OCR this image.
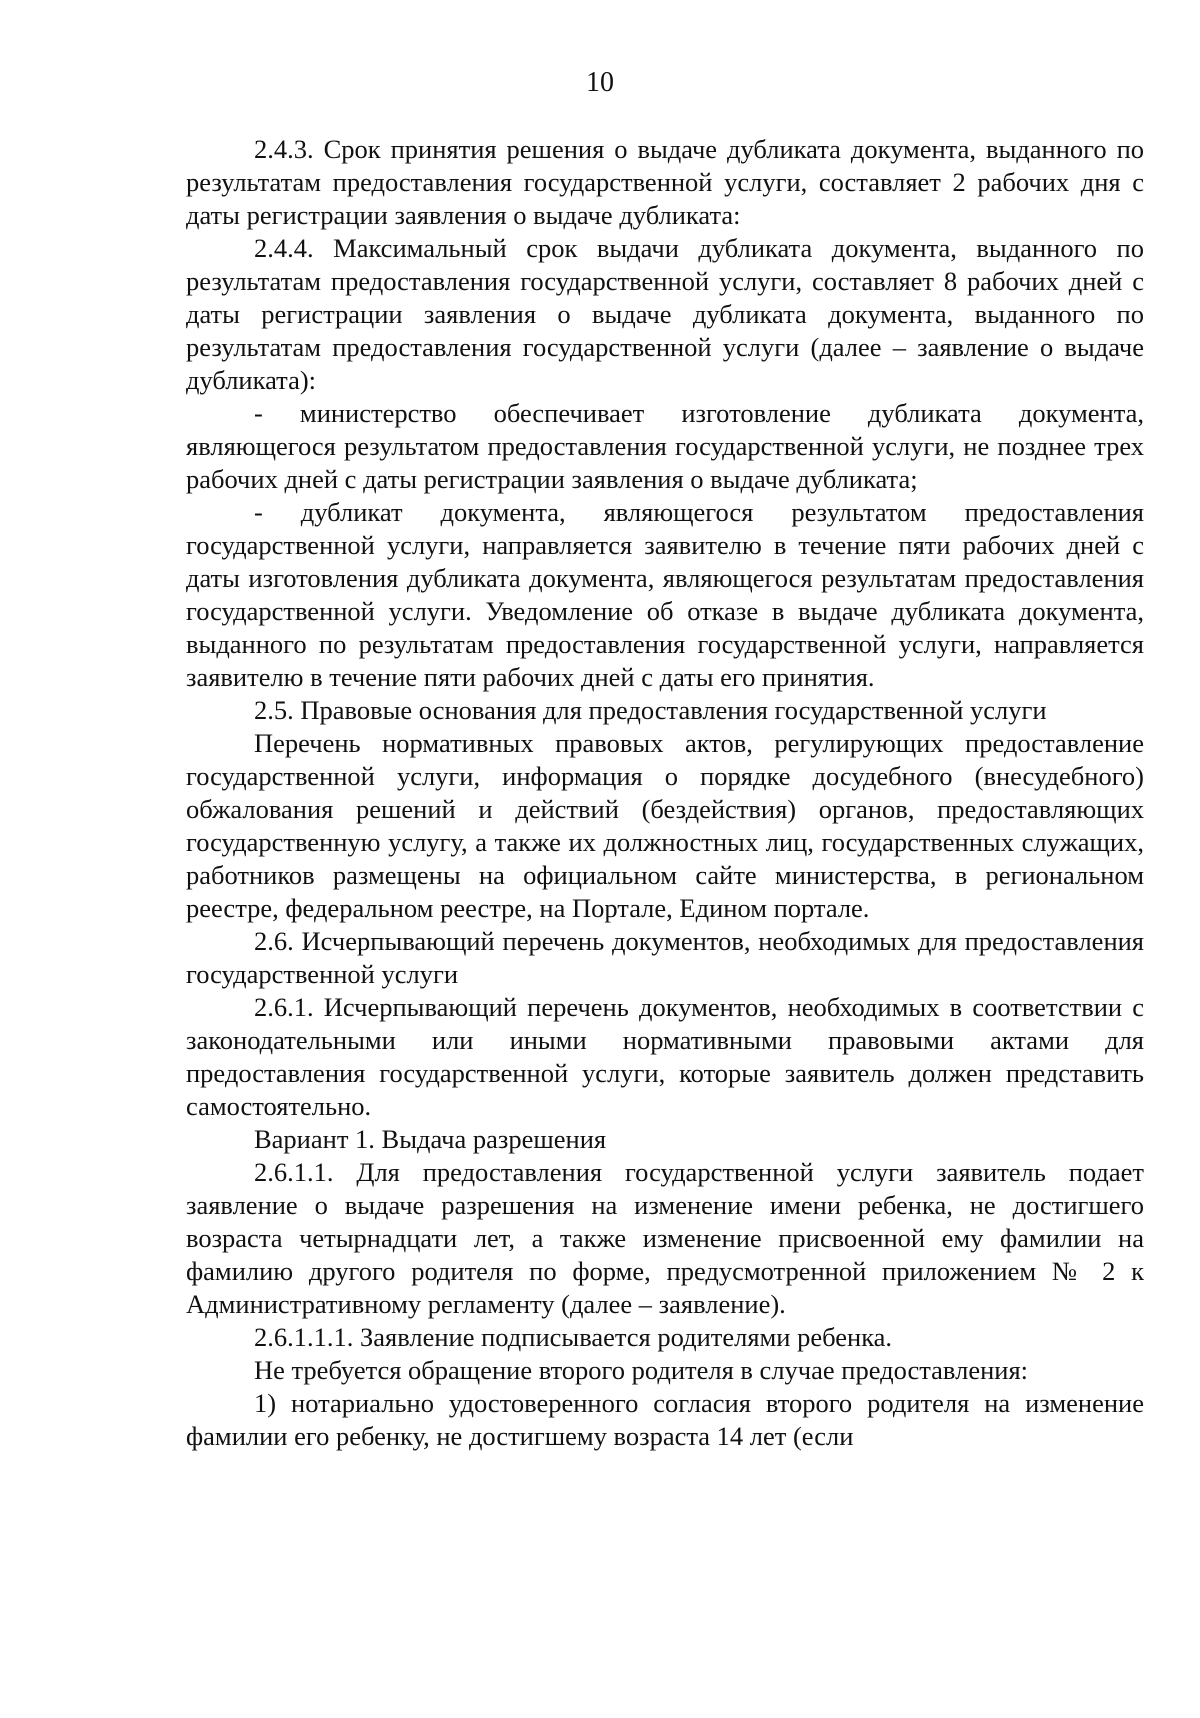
10

2.4.3. Срок принятия решения о выдаче дубликата документа, выданного по результатам предоставления государственной услуги, составляет 2 рабочих дня с даты регистрации заявления о выдаче дубликата:

2.4.4. Максимальный срок выдачи дубликата документа, выданного по результатам предоставления государственной услуги, составляет 8 рабочих дней с даты регистрации заявления о выдаче дубликата документа, выданного по результатам предоставления государственной услуги (далее – заявление о выдаче дубликата):

- министерство обеспечивает изготовление дубликата документа, являющегося результатом предоставления государственной услуги, не позднее трех рабочих дней с даты регистрации заявления о выдаче дубликата;

- дубликат документа, являющегося результатом предоставления государственной услуги, направляется заявителю в течение пяти рабочих дней с даты изготовления дубликата документа, являющегося результатам предоставления государственной услуги. Уведомление об отказе в выдаче дубликата документа, выданного по результатам предоставления государственной услуги, направляется заявителю в течение пяти рабочих дней с даты его принятия.

2.5. Правовые основания для предоставления государственной услуги

Перечень нормативных правовых актов, регулирующих предоставление государственной услуги, информация о порядке досудебного (внесудебного) обжалования решений и действий (бездействия) органов, предоставляющих государственную услугу, а также их должностных лиц, государственных служащих, работников размещены на официальном сайте министерства, в региональном реестре, федеральном реестре, на Портале, Едином портале.

2.6. Исчерпывающий перечень документов, необходимых для предоставления государственной услуги

2.6.1. Исчерпывающий перечень документов, необходимых в соответствии с законодательными или иными нормативными правовыми актами для предоставления государственной услуги, которые заявитель должен представить самостоятельно.

Вариант 1. Выдача разрешения

2.6.1.1. Для предоставления государственной услуги заявитель подает заявление о выдаче разрешения на изменение имени ребенка, не достигшего возраста четырнадцати лет, а также изменение присвоенной ему фамилии на фамилию другого родителя по форме, предусмотренной приложением № 2 к Административному регламенту (далее – заявление).

2.6.1.1.1. Заявление подписывается родителями ребенка.

Не требуется обращение второго родителя в случае предоставления:

1) нотариально удостоверенного согласия второго родителя на изменение фамилии его ребенку, не достигшему возраста 14 лет (если
